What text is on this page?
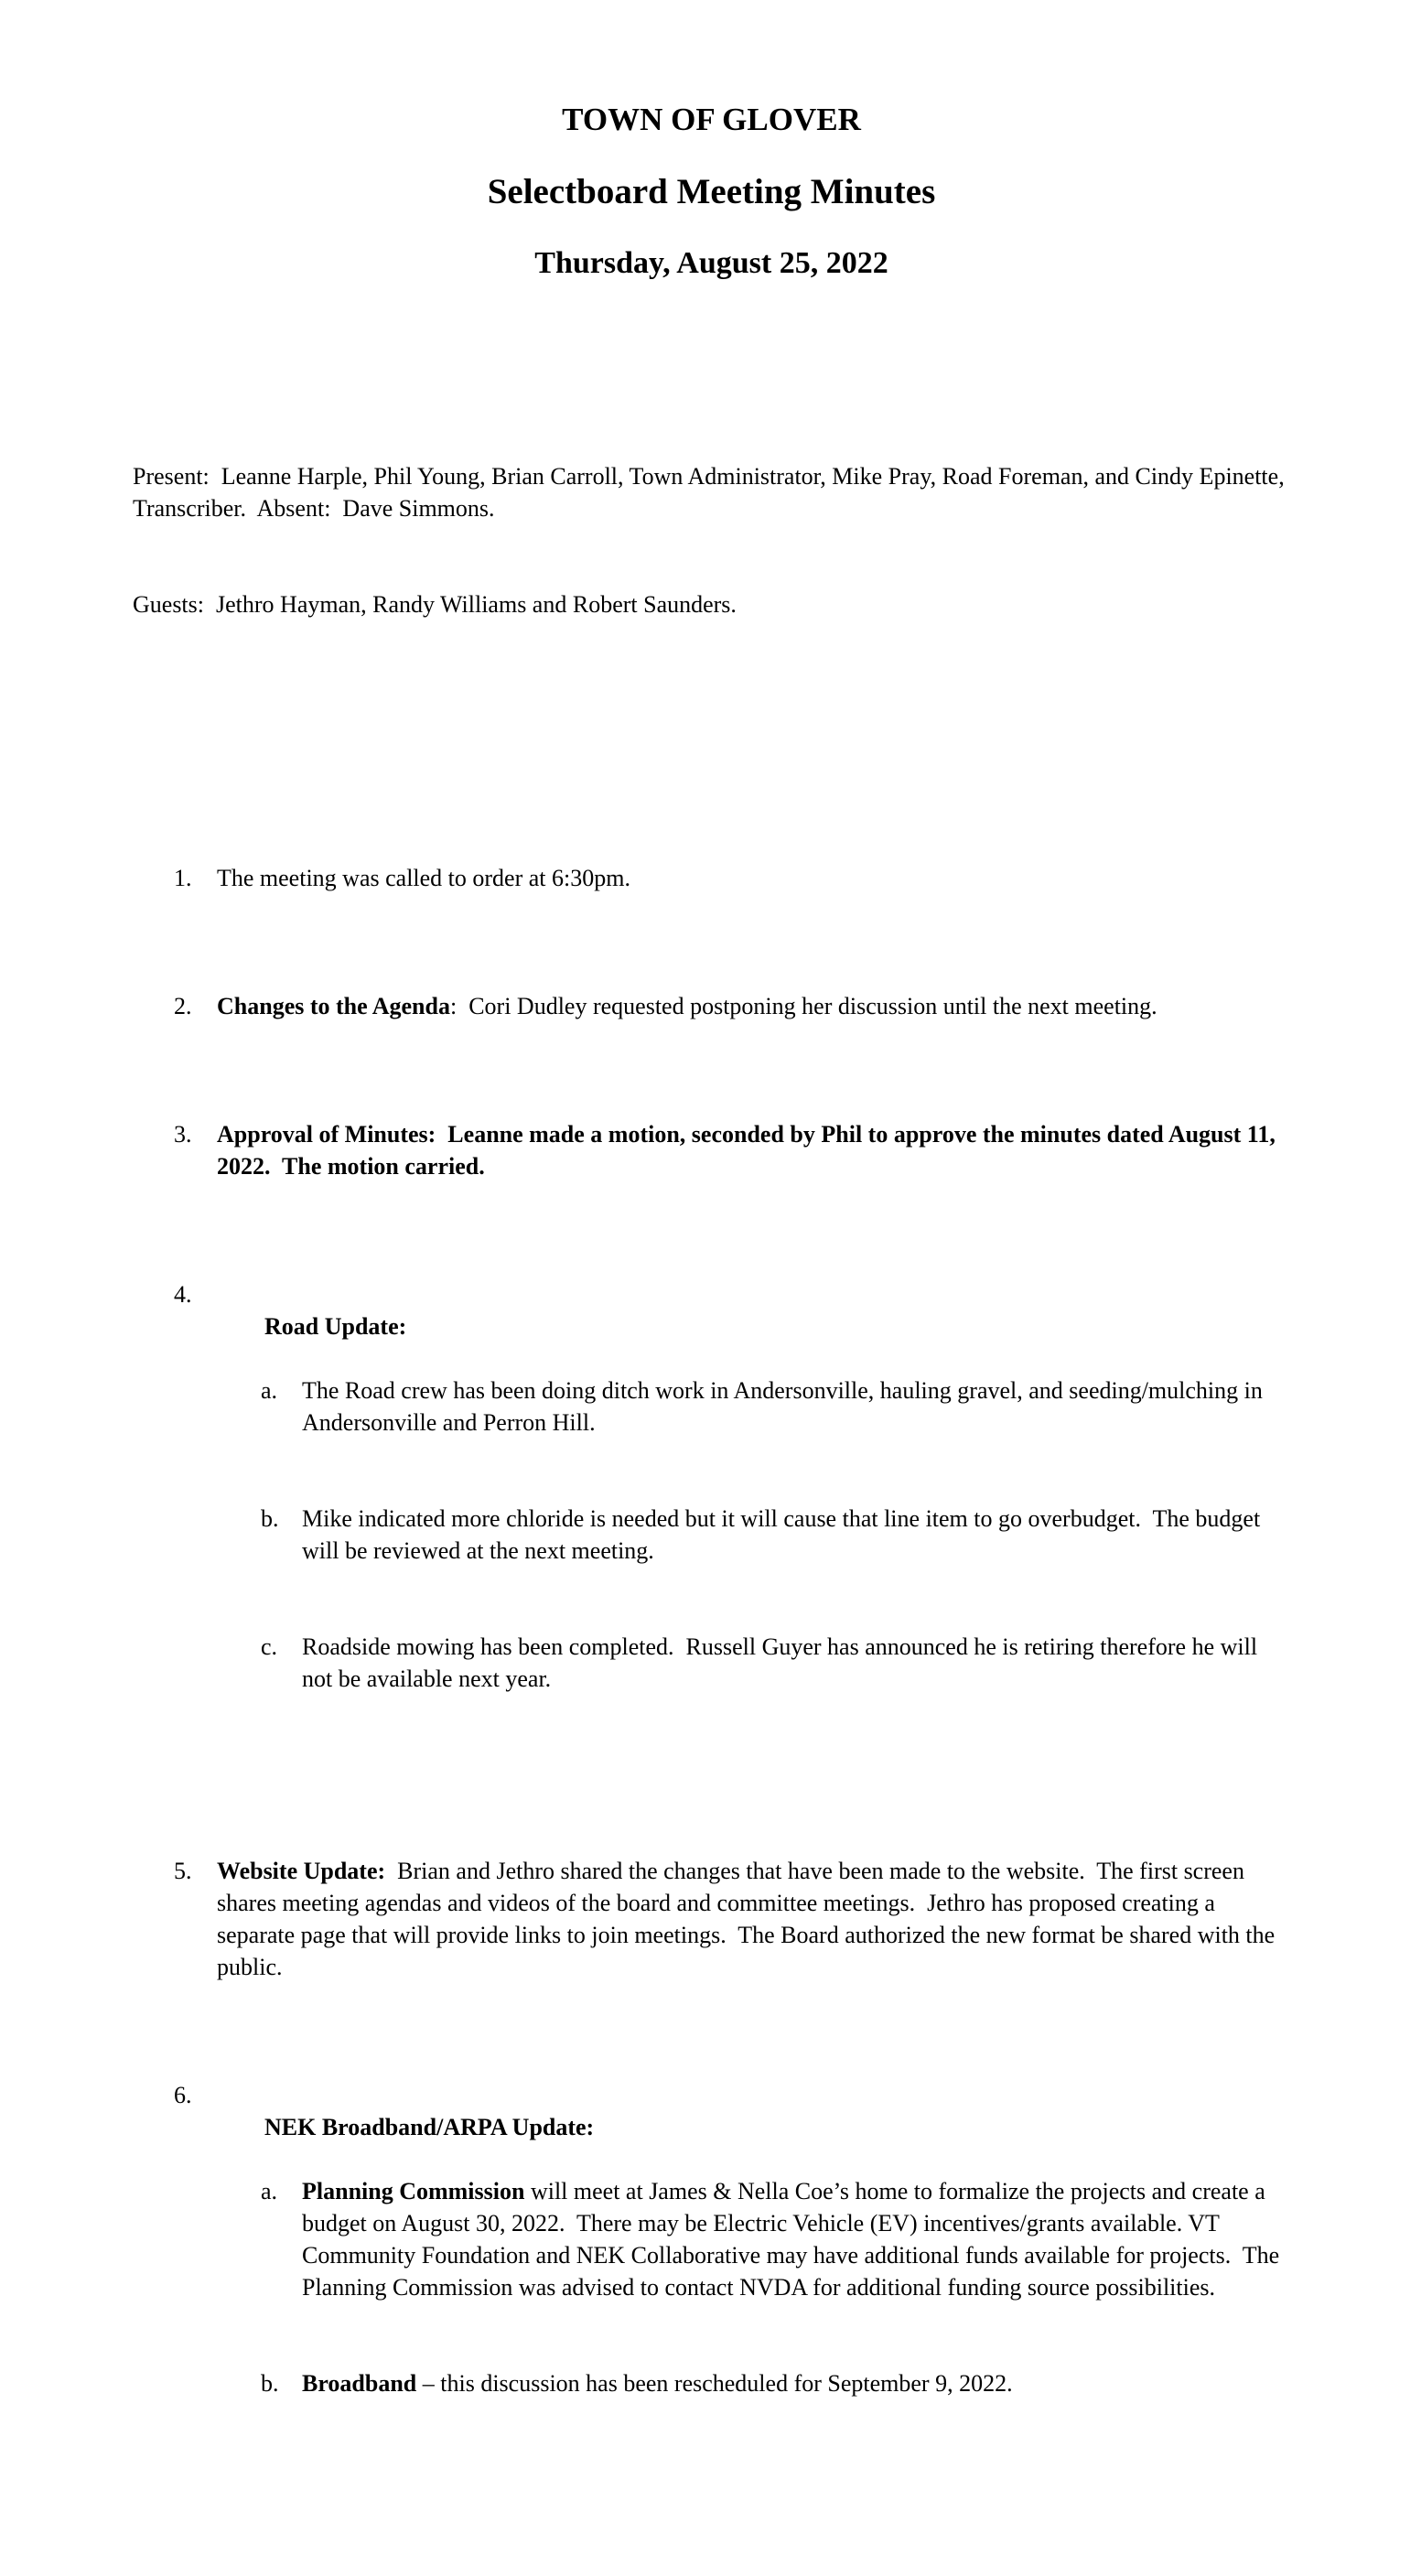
TOWN OF GLOVER

Selectboard Meeting Minutes

Thursday, August 25, 2022

Present:  Leanne Harple, Phil Young, Brian Carroll, Town Administrator, Mike Pray, Road Foreman, and Cindy Epinette, Transcriber.  Absent:  Dave Simmons.

Guests:  Jethro Hayman, Randy Williams and Robert Saunders.

1.	The meeting was called to order at 6:30pm.

2.	Changes to the Agenda:  Cori Dudley requested postponing her discussion until the next meeting.

3.	Approval of Minutes:  Leanne made a motion, seconded by Phil to approve the minutes dated August 11, 2022.  The motion carried.

4.

Road Update:

a.	The Road crew has been doing ditch work in Andersonville, hauling gravel, and seeding/mulching in Andersonville and Perron Hill.

b. Mike indicated more chloride is needed but it will cause that line item to go overbudget.  The budget will be reviewed at the next meeting.

c.	Roadside mowing has been completed.  Russell Guyer has announced he is retiring therefore he will not be available next year.

5.	Website Update:  Brian and Jethro shared the changes that have been made to the website.  The first screen shares meeting agendas and videos of the board and committee meetings.  Jethro has proposed creating a separate page that will provide links to join meetings.  The Board authorized the new format be shared with the public.

6.

NEK Broadband/ARPA Update:

a.	Planning Commission will meet at James & Nella Coe’s home to formalize the projects and create a budget on August 30, 2022.  There may be Electric Vehicle (EV) incentives/grants available. VT Community Foundation and NEK Collaborative may have additional funds available for projects.  The Planning Commission was advised to contact NVDA for additional funding source possibilities.

b. Broadband – this discussion has been rescheduled for September 9, 2022.
